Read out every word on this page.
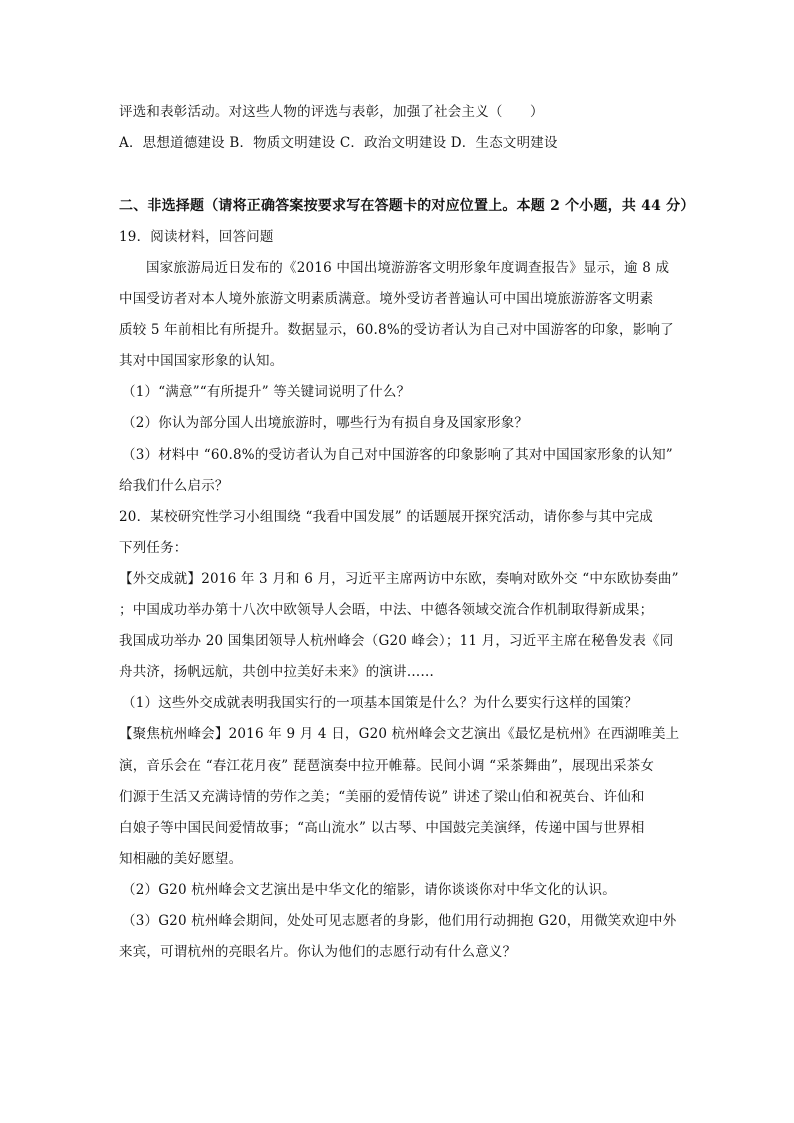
评选和表彰活动。对这些人物的评选与表彰，加强了社会主义（　　）
A．思想道德建设 B．物质文明建设 C．政治文明建设 D．生态文明建设
二、非选择题（请将正确答案按要求写在答题卡的对应位置上。本题 2 个小题，共 44 分）
19．阅读材料，回答问题
国家旅游局近日发布的《2016 中国出境游游客文明形象年度调查报告》显示，逾 8 成
中国受访者对本人境外旅游文明素质满意。境外受访者普遍认可中国出境旅游游客文明素
质较 5 年前相比有所提升。数据显示，60.8%的受访者认为自己对中国游客的印象，影响了
其对中国国家形象的认知。
（1）“满意”“有所提升” 等关键词说明了什么？
（2）你认为部分国人出境旅游时，哪些行为有损自身及国家形象？
（3）材料中 “60.8%的受访者认为自己对中国游客的印象影响了其对中国国家形象的认知”
给我们什么启示？
20．某校研究性学习小组围绕 “我看中国发展” 的话题展开探究活动，请你参与其中完成
下列任务：
【外交成就】2016 年 3 月和 6 月，习近平主席两访中东欧，奏响对欧外交 “中东欧协奏曲”
；中国成功举办第十八次中欧领导人会晤，中法、中德各领域交流合作机制取得新成果；
我国成功举办 20 国集团领导人杭州峰会（G20 峰会）；11 月，习近平主席在秘鲁发表《同
舟共济，扬帆远航，共创中拉美好未来》的演讲……
（1）这些外交成就表明我国实行的一项基本国策是什么？为什么要实行这样的国策？
【聚焦杭州峰会】2016 年 9 月 4 日，G20 杭州峰会文艺演出《最忆是杭州》在西湖唯美上
演，音乐会在 “春江花月夜” 琵琶演奏中拉开帷幕。民间小调 “采茶舞曲”，展现出采茶女
们源于生活又充满诗情的劳作之美；“美丽的爱情传说” 讲述了梁山伯和祝英台、许仙和
白娘子等中国民间爱情故事；“高山流水” 以古琴、中国鼓完美演绎，传递中国与世界相
知相融的美好愿望。
（2）G20 杭州峰会文艺演出是中华文化的缩影，请你谈谈你对中华文化的认识。
（3）G20 杭州峰会期间，处处可见志愿者的身影，他们用行动拥抱 G20，用微笑欢迎中外
来宾，可谓杭州的亮眼名片。你认为他们的志愿行动有什么意义？
